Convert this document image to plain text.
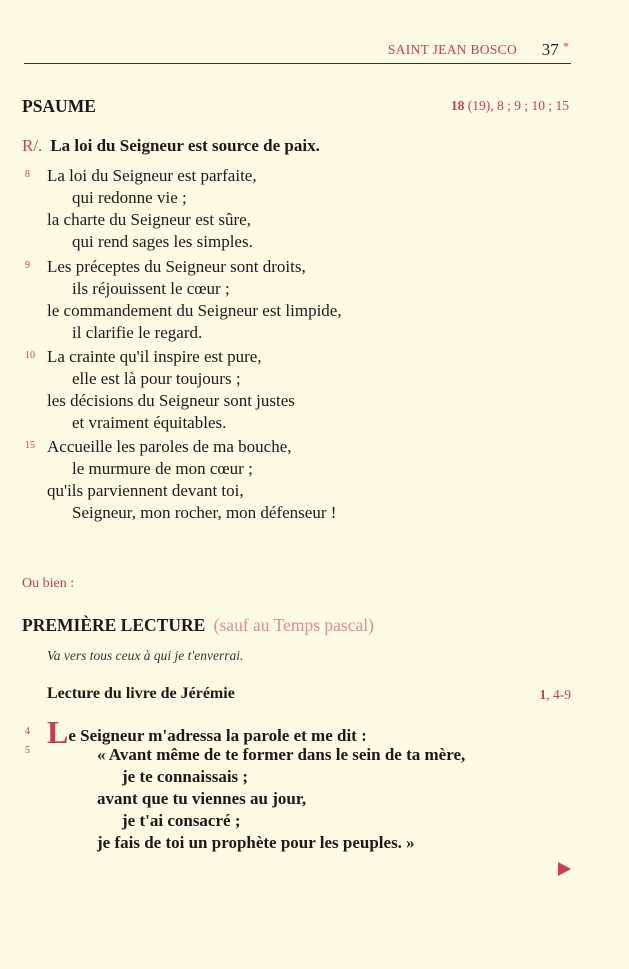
SAINT JEAN BOSCO 37 *
PSAUME	18 (19), 8 ; 9 ; 10 ; 15
R/. La loi du Seigneur est source de paix.
8 La loi du Seigneur est parfaite,
qui redonne vie ;
la charte du Seigneur est sûre,
qui rend sages les simples.
9 Les préceptes du Seigneur sont droits,
ils réjouissent le cœur ;
le commandement du Seigneur est limpide,
il clarifie le regard.
10 La crainte qu'il inspire est pure,
elle est là pour toujours ;
les décisions du Seigneur sont justes
et vraiment équitables.
15 Accueille les paroles de ma bouche,
le murmure de mon cœur ;
qu'ils parviennent devant toi,
Seigneur, mon rocher, mon défenseur !
Ou bien :
PREMIÈRE LECTURE (sauf au Temps pascal)
Va vers tous ceux à qui je t'enverrai.
Lecture du livre de Jérémie	1, 4-9
4
5
Le Seigneur m'adressa la parole et me dit :
« Avant même de te former dans le sein de ta mère,
je te connaissais ;
avant que tu viennes au jour,
je t'ai consacré ;
je fais de toi un prophète pour les peuples. »
